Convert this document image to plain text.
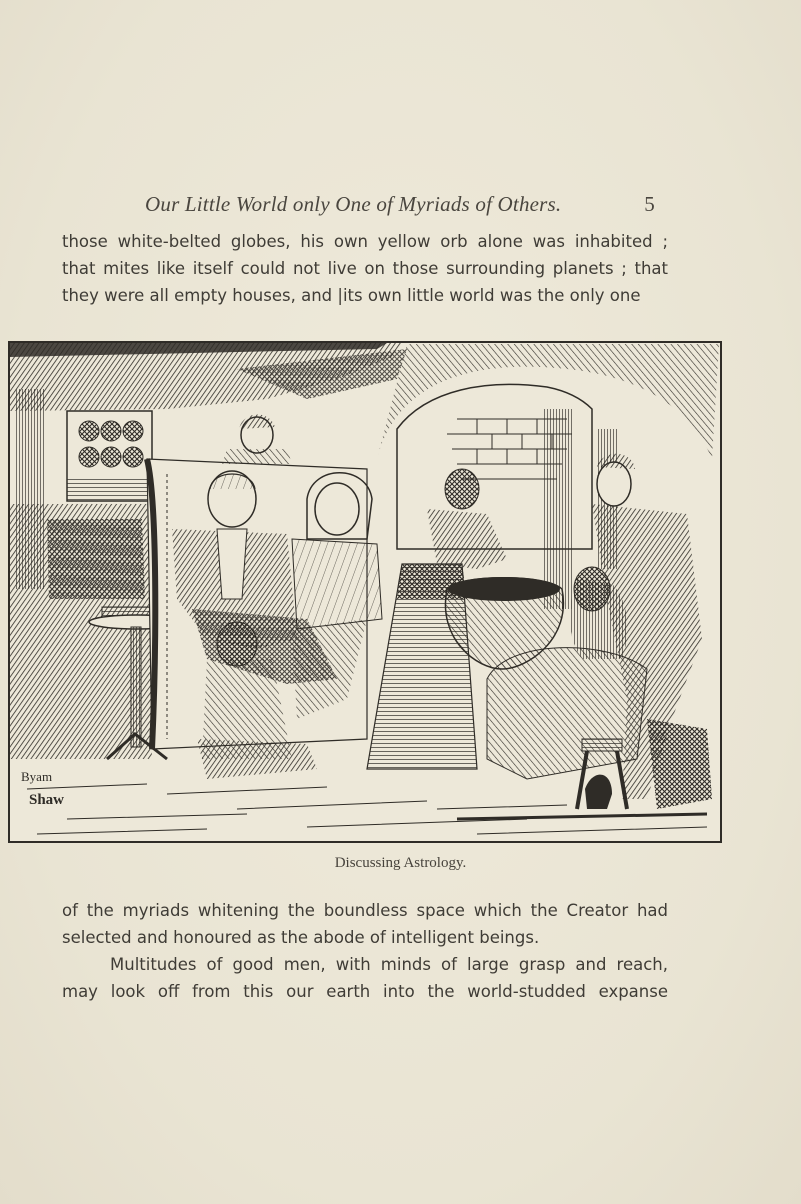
Our Little World only One of Myriads of Others.	5

those white-belted globes, his own yellow orb alone was inhabited ;
that mites like itself could not live on those surrounding planets ; that
they were all empty houses, and |its own little world was the only one

Byam
Shaw
Discussing Astrology.

of the myriads whitening the boundless space which the Creator had
selected and honoured as the abode of intelligent beings.
Multitudes of good men, with minds of large grasp and reach,
may look off from this our earth into the world-studded expanse
